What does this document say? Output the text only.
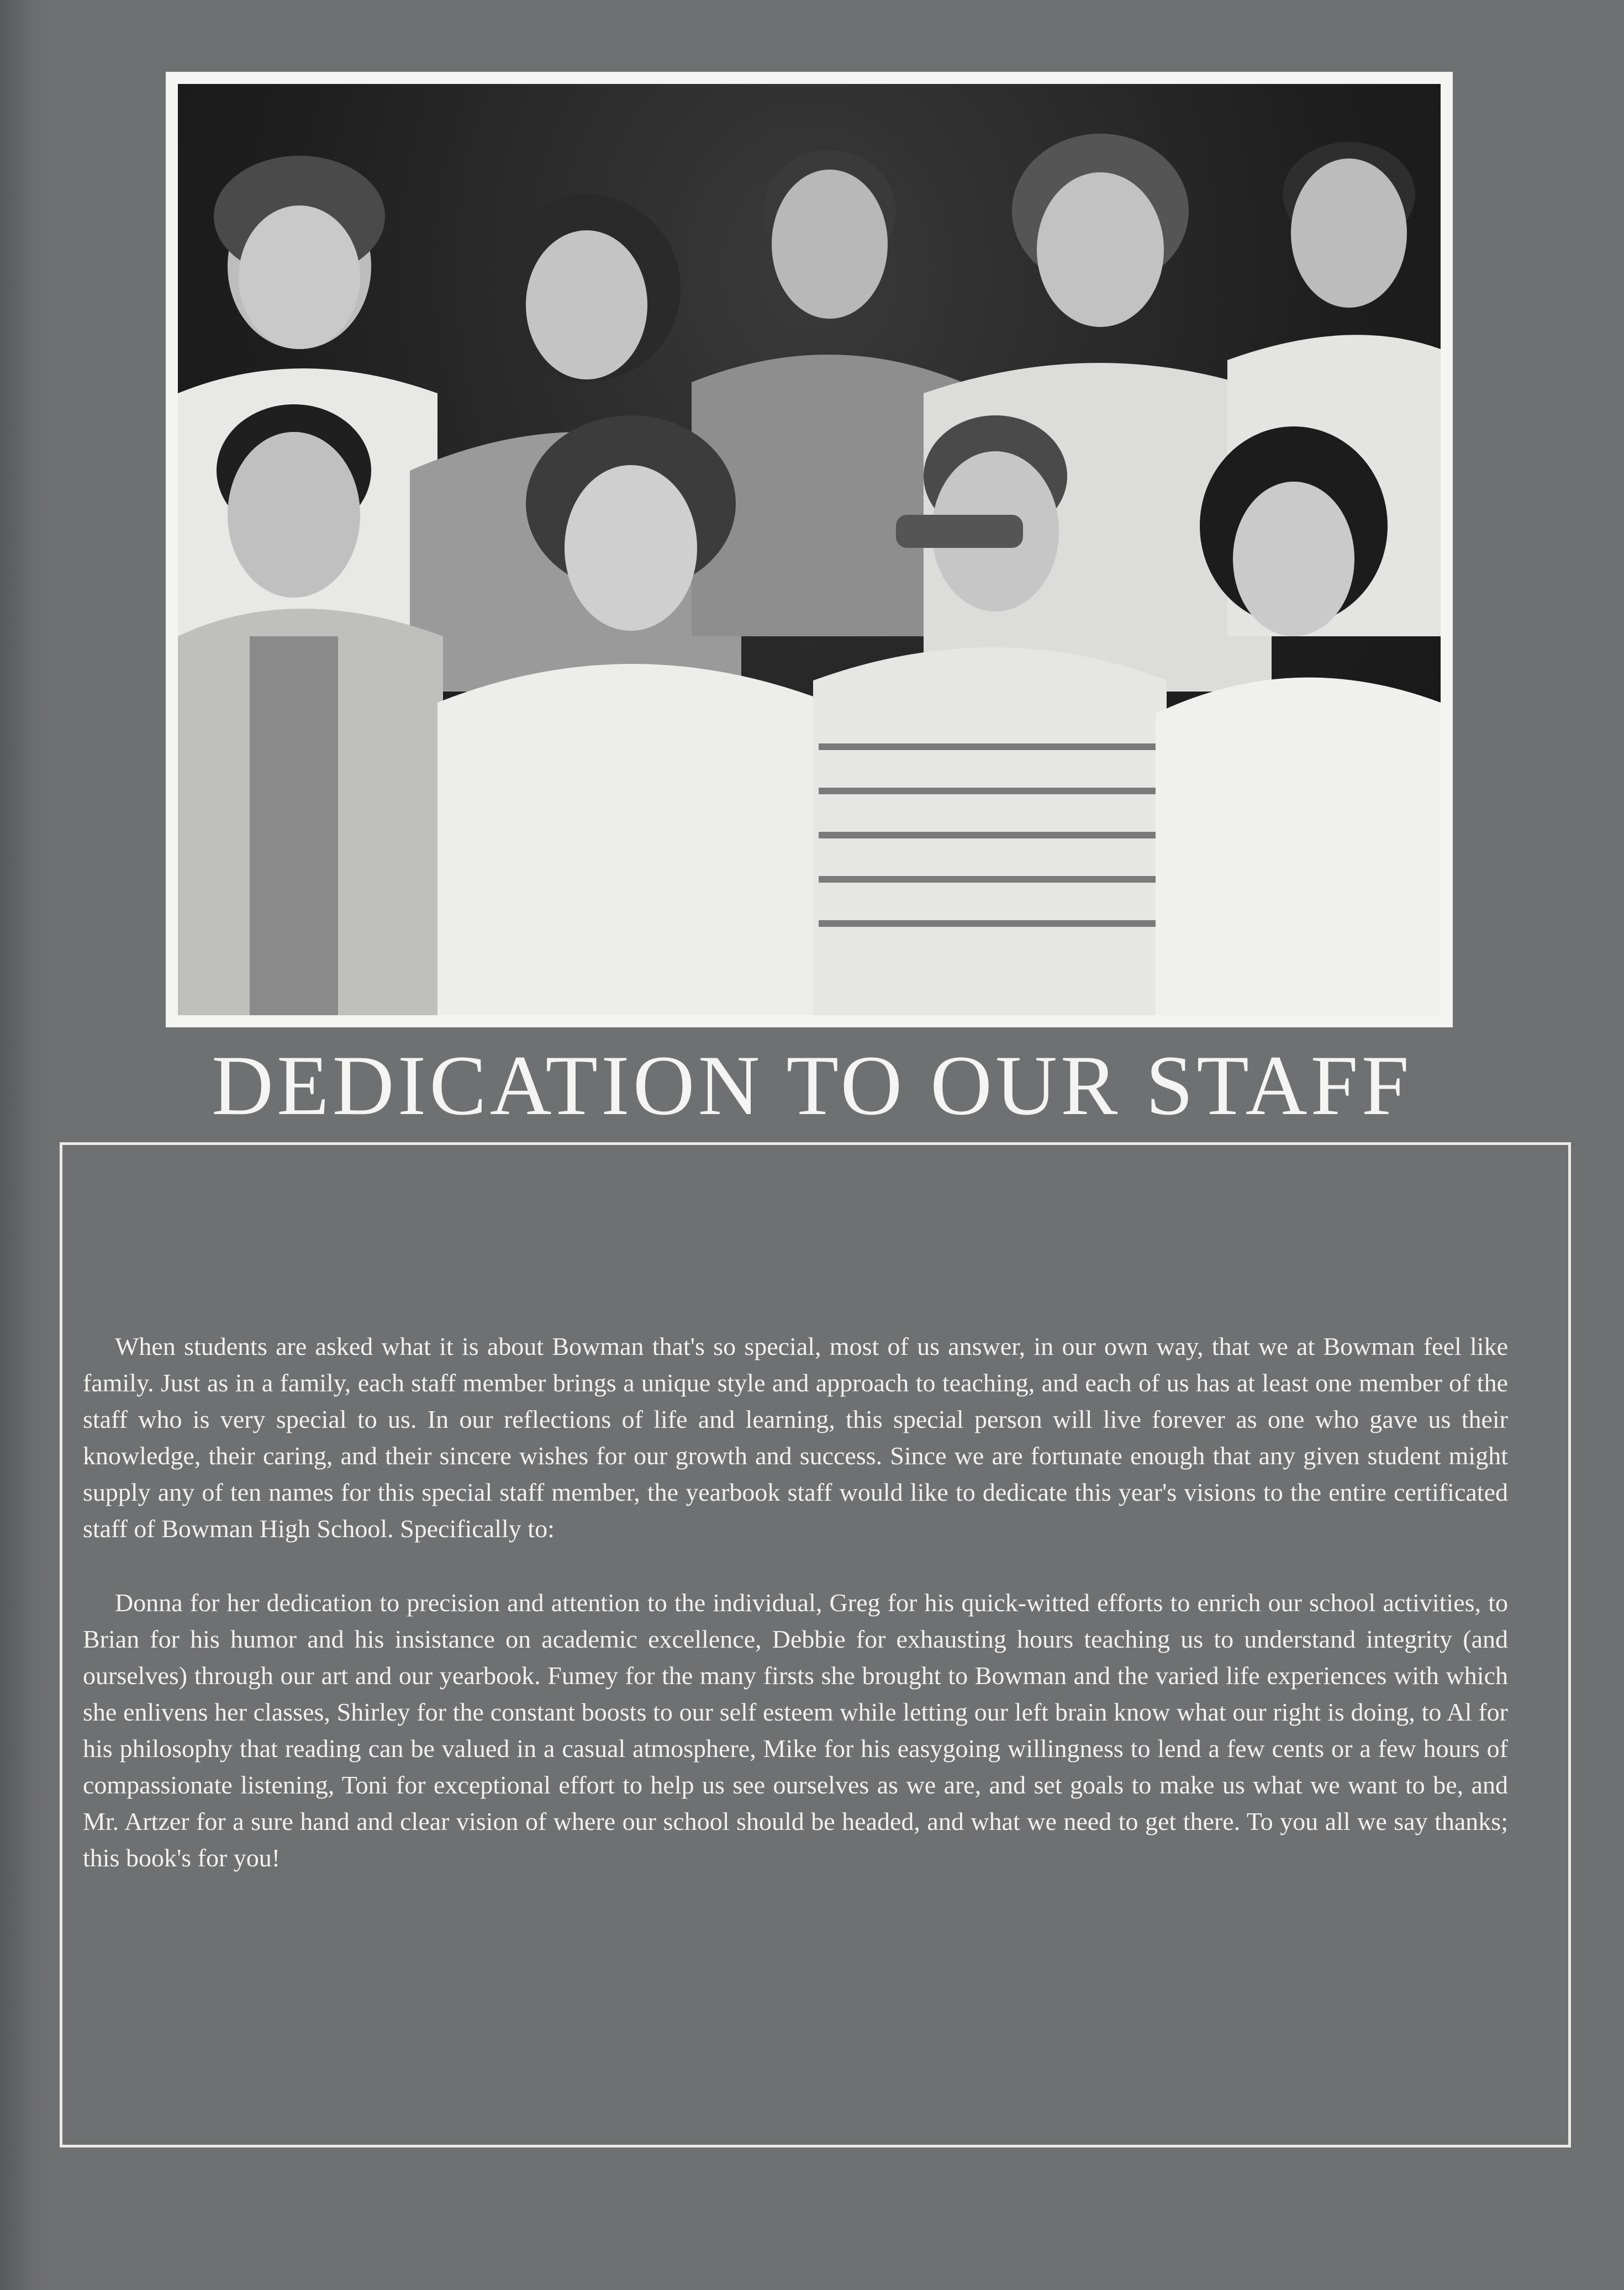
DEDICATION TO OUR STAFF

When students are asked what it is about Bowman that's so special, most of us answer, in our own way, that we at Bowman feel like family. Just as in a family, each staff member brings a unique style and approach to teaching, and each of us has at least one member of the staff who is very special to us. In our reflections of life and learning, this special person will live forever as one who gave us their knowledge, their caring, and their sincere wishes for our growth and success. Since we are fortunate enough that any given student might supply any of ten names for this special staff member, the yearbook staff would like to dedicate this year's visions to the entire certificated staff of Bowman High School. Specifically to:

Donna for her dedication to precision and attention to the individual, Greg for his quick-witted efforts to enrich our school activities, to Brian for his humor and his insistance on academic excellence, Debbie for exhausting hours teaching us to understand integrity (and ourselves) through our art and our yearbook. Fumey for the many firsts she brought to Bowman and the varied life experiences with which she enlivens her classes, Shirley for the constant boosts to our self esteem while letting our left brain know what our right is doing, to Al for his philosophy that reading can be valued in a casual atmosphere, Mike for his easygoing willingness to lend a few cents or a few hours of compassionate listening, Toni for exceptional effort to help us see ourselves as we are, and set goals to make us what we want to be, and Mr. Artzer for a sure hand and clear vision of where our school should be headed, and what we need to get there. To you all we say thanks; this book's for you!
